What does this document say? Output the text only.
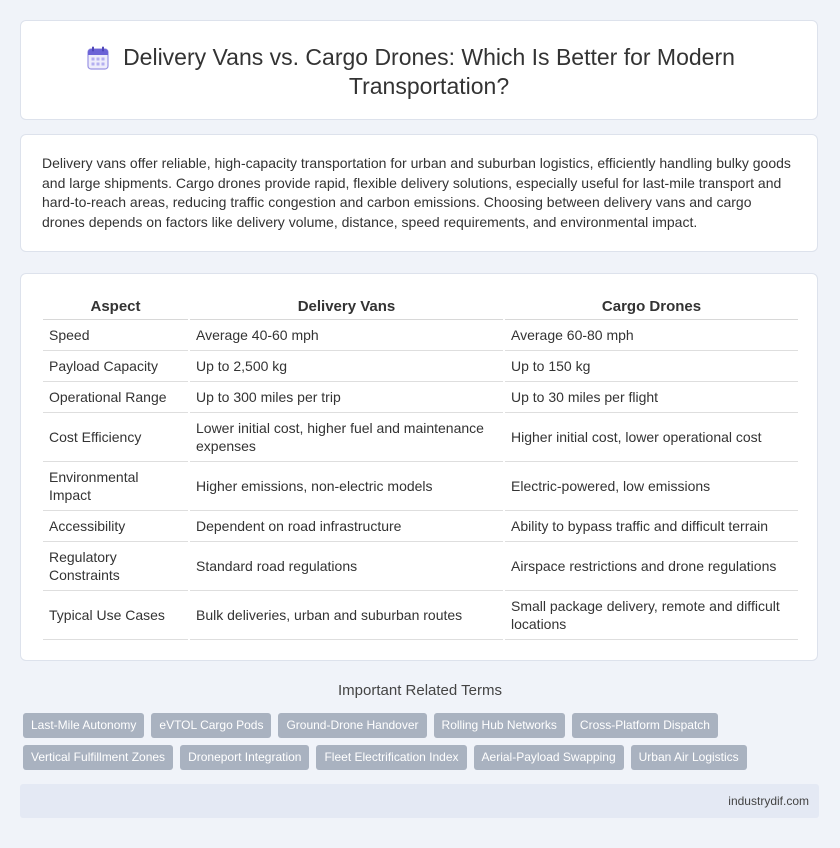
Delivery Vans vs. Cargo Drones: Which Is Better for Modern Transportation?

Delivery vans offer reliable, high-capacity transportation for urban and suburban logistics, efficiently handling bulky goods and large shipments. Cargo drones provide rapid, flexible delivery solutions, especially useful for last-mile transport and hard-to-reach areas, reducing traffic congestion and carbon emissions. Choosing between delivery vans and cargo drones depends on factors like delivery volume, distance, speed requirements, and environmental impact.

Aspect	Delivery Vans	Cargo Drones
Speed	Average 40-60 mph	Average 60-80 mph
Payload Capacity	Up to 2,500 kg	Up to 150 kg
Operational Range	Up to 300 miles per trip	Up to 30 miles per flight
Cost Efficiency	Lower initial cost, higher fuel and maintenance expenses	Higher initial cost, lower operational cost
Environmental Impact	Higher emissions, non-electric models	Electric-powered, low emissions
Accessibility	Dependent on road infrastructure	Ability to bypass traffic and difficult terrain
Regulatory Constraints	Standard road regulations	Airspace restrictions and drone regulations
Typical Use Cases	Bulk deliveries, urban and suburban routes	Small package delivery, remote and difficult locations
Important Related Terms
Last-Mile Autonomy	eVTOL Cargo Pods	Ground-Drone Handover	Rolling Hub Networks	Cross-Platform Dispatch
Vertical Fulfillment Zones	Droneport Integration	Fleet Electrification Index	Aerial-Payload Swapping	Urban Air Logistics
industrydif.com
